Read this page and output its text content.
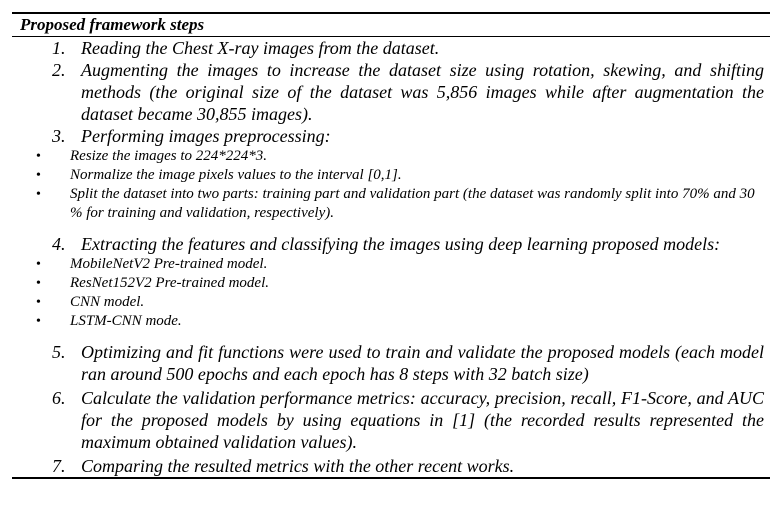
Proposed framework steps
1. Reading the Chest X-ray images from the dataset.
2. Augmenting the images to increase the dataset size using rotation, skewing, and shifting methods (the original size of the dataset was 5,856 images while after augmentation the dataset became 30,855 images).
3. Performing images preprocessing:
• Resize the images to 224*224*3.
• Normalize the image pixels values to the interval [0,1].
• Split the dataset into two parts: training part and validation part (the dataset was randomly split into 70% and 30 % for training and validation, respectively).
4. Extracting the features and classifying the images using deep learning proposed models:
• MobileNetV2 Pre-trained model.
• ResNet152V2 Pre-trained model.
• CNN model.
• LSTM-CNN mode.
5. Optimizing and fit functions were used to train and validate the proposed models (each model ran around 500 epochs and each epoch has 8 steps with 32 batch size)
6. Calculate the validation performance metrics: accuracy, precision, recall, F1-Score, and AUC for the proposed models by using equations in [1] (the recorded results represented the maximum obtained validation values).
7. Comparing the resulted metrics with the other recent works.
